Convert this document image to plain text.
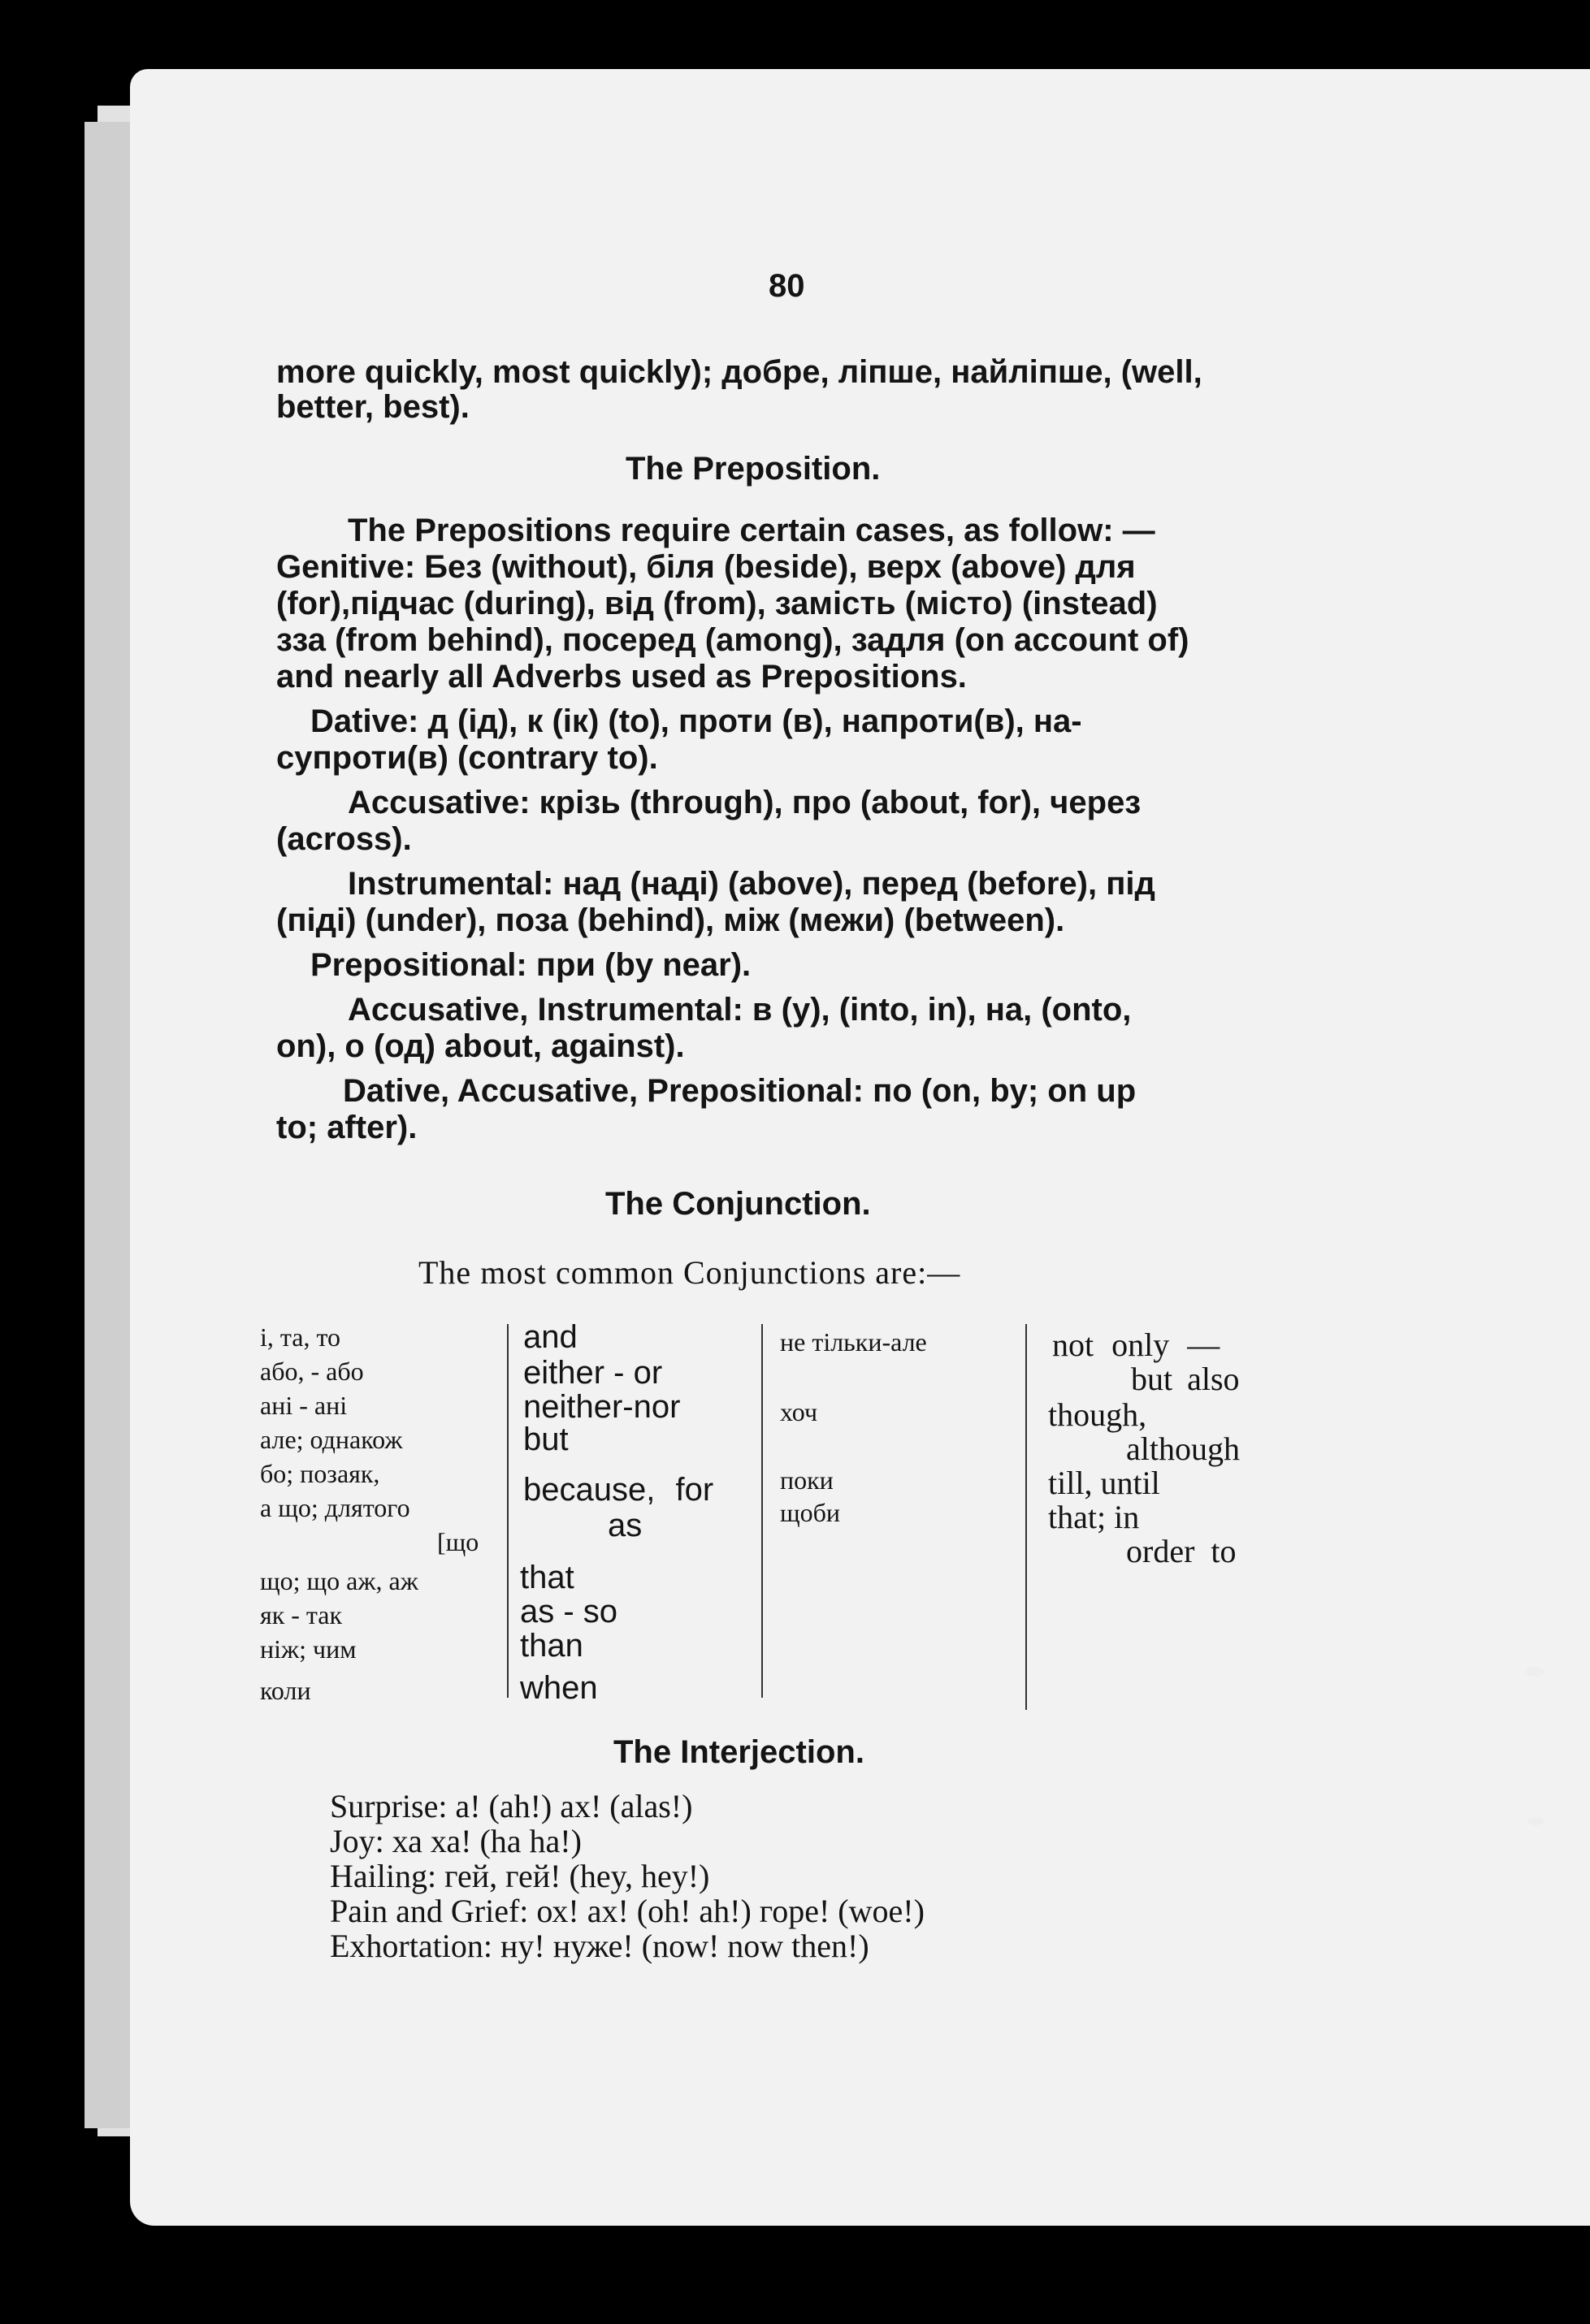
80
more quickly, most quickly); добре, ліпше, найліпше, (well,
better, best).
The Preposition.
The Prepositions require certain cases, as follow: —
Genitive: Без (without), біля (beside), верх (above) для
(for),підчас (during), від (from), замість (місто) (instead)
зза (from behind), посеред (among), задля (on account of)
and nearly all Adverbs used as Prepositions.
Dative: д (ід), к (ік) (to), проти (в), напроти(в), на-
супроти(в) (contrary to).
Accusative: крізь (through), про (about, for), через
(across).
Instrumental: над (наді) (above), перед (before), під
(піді) (under), поза (behind), між (межи) (between).
Prepositional: при (by near).
Accusative, Instrumental: в (у), (into, in), на, (onto,
on), о (од) about, against).
Dative, Accusative, Prepositional: по (on, by; on up
to; after).
The Conjunction.
The most common Conjunctions are:—
і, та, то
або, - або
ані - ані
але; однакож
бо; позаяк,
а що; длятого
[що
що; що аж, аж
як - так
ніж; чим
коли
and
either - or
neither-nor
but
because, for
as
that
as - so
than
when
не тільки-але
хоч
поки
щоби
not only —
but also
though,
although
till, until
that; in
order to
The Interjection.
Surprise: а! (ah!) ах! (alas!)
Joy: ха ха! (ha ha!)
Hailing: гей, гей! (hey, hey!)
Pain and Grief: ох! ах! (oh! ah!) горе! (woe!)
Exhortation: ну! нуже! (now! now then!)
